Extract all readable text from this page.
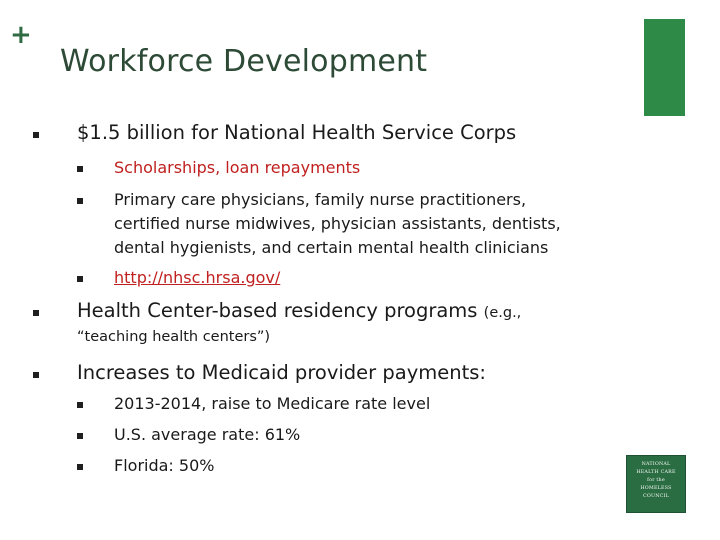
+
Workforce Development
$1.5 billion for National Health Service Corps
Scholarships, loan repayments
Primary care physicians, family nurse practitioners,
certified nurse midwives, physician assistants, dentists,
dental hygienists, and certain mental health clinicians
http://nhsc.hrsa.gov/
Health Center-based residency programs (e.g.,
“teaching health centers”)
Increases to Medicaid provider payments:
2013-2014, raise to Medicare rate level
U.S. average rate: 61%
Florida: 50%	NATIONAL
HEALTH CARE
for the
HOMELESS
COUNCIL
